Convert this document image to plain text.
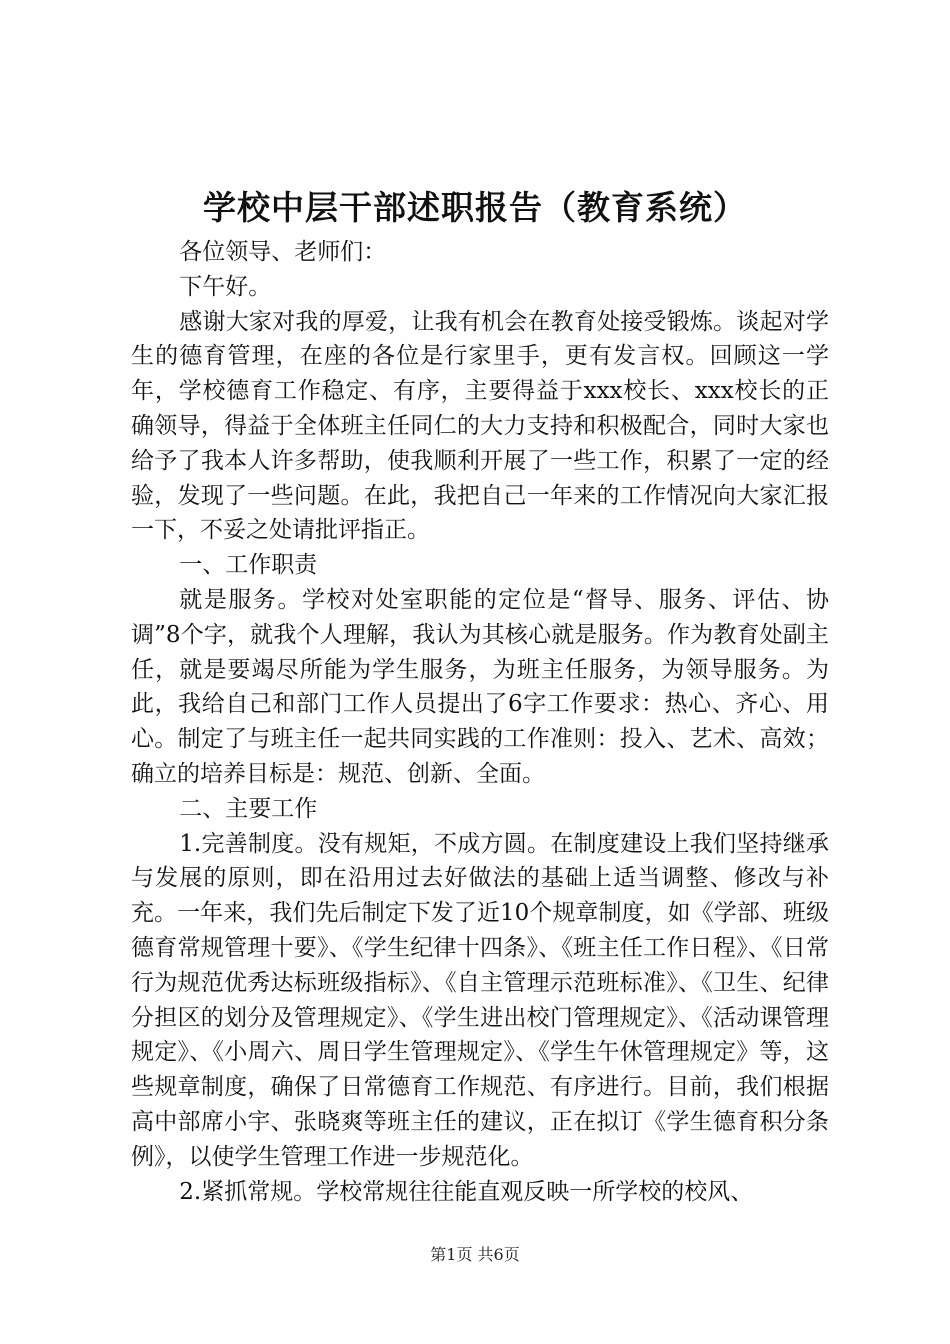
学校中层干部述职报告（教育系统）

各位领导、老师们：

下午好。

感谢大家对我的厚爱，让我有机会在教育处接受锻炼。谈起对学生的德育管理，在座的各位是行家里手，更有发言权。回顾这一学年，学校德育工作稳定、有序，主要得益于xxx校长、xxx校长的正确领导，得益于全体班主任同仁的大力支持和积极配合，同时大家也给予了我本人许多帮助，使我顺利开展了一些工作，积累了一定的经验，发现了一些问题。在此，我把自己一年来的工作情况向大家汇报一下，不妥之处请批评指正。

一、工作职责

就是服务。学校对处室职能的定位是“督导、服务、评估、协调”8个字，就我个人理解，我认为其核心就是服务。作为教育处副主任，就是要竭尽所能为学生服务，为班主任服务，为领导服务。为此，我给自己和部门工作人员提出了6字工作要求：热心、齐心、用心。制定了与班主任一起共同实践的工作准则：投入、艺术、高效；确立的培养目标是：规范、创新、全面。

二、主要工作

1.完善制度。没有规矩，不成方圆。在制度建设上我们坚持继承与发展的原则，即在沿用过去好做法的基础上适当调整、修改与补充。一年来，我们先后制定下发了近10个规章制度，如《学部、班级德育常规管理十要》、《学生纪律十四条》、《班主任工作日程》、《日常行为规范优秀达标班级指标》、《自主管理示范班标准》、《卫生、纪律分担区的划分及管理规定》、《学生进出校门管理规定》、《活动课管理规定》、《小周六、周日学生管理规定》、《学生午休管理规定》等，这些规章制度，确保了日常德育工作规范、有序进行。目前，我们根据高中部席小宇、张晓爽等班主任的建议，正在拟订《学生德育积分条例》，以使学生管理工作进一步规范化。

2.紧抓常规。学校常规往往能直观反映一所学校的校风、

第1页 共6页
